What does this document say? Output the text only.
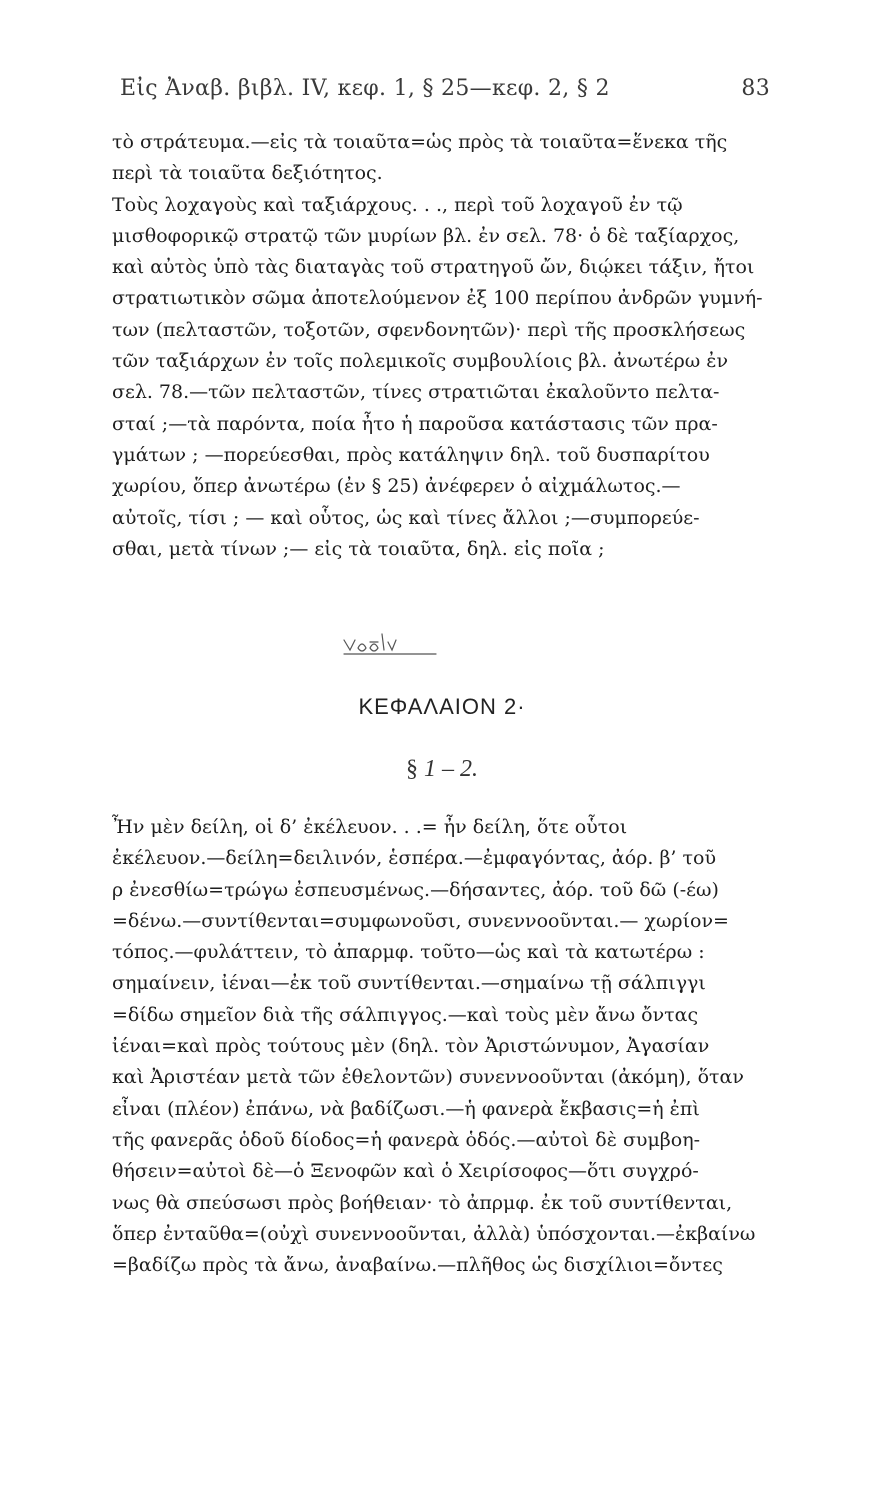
Εἰς Ἀναβ. βιβλ. IV, κεφ. 1, § 25—κεφ. 2, § 2	83
τὸ στράτευμα.—εἰς τὰ τοιαῦτα=ὡς πρὸς τὰ τοιαῦτα=ἕνεκα τῆς
περὶ τὰ τοιαῦτα δεξιότητος.
Τοὺς λοχαγοὺς καὶ ταξιάρχους. . ., περὶ τοῦ λοχαγοῦ ἐν τῷ
μισθοφορικῷ στρατῷ τῶν μυρίων βλ. ἐν σελ. 78· ὁ δὲ ταξίαρχος,
καὶ αὐτὸς ὑπὸ τὰς διαταγὰς τοῦ στρατηγοῦ ὤν, διῴκει τάξιν, ἤτοι
στρατιωτικὸν σῶμα ἀποτελούμενον ἐξ 100 περίπου ἀνδρῶν γυμνή-
των (πελταστῶν, τοξοτῶν, σφενδονητῶν)· περὶ τῆς προσκλήσεως
τῶν ταξιάρχων ἐν τοῖς πολεμικοῖς συμβουλίοις βλ. ἀνωτέρω ἐν
σελ. 78.—τῶν πελταστῶν, τίνες στρατιῶται ἐκαλοῦντο πελτα-
σταί ;—τὰ παρόντα, ποία ἦτο ἡ παροῦσα κατάστασις τῶν πρα-
γμάτων ; —πορεύεσθαι, πρὸς κατάληψιν δηλ. τοῦ δυσπαρίτου
χωρίου, ὅπερ ἀνωτέρω (ἐν § 25) ἀνέφερεν ὁ αἰχμάλωτος.—
αὐτοῖς, τίσι ; — καὶ οὗτος, ὡς καὶ τίνες ἄλλοι ;—συμπορεύε-
σθαι, μετὰ τίνων ;— εἰς τὰ τοιαῦτα, δηλ. εἰς ποῖα ;
ΚΕΦΑΛΑΙΟΝ 2·
§ 1 – 2.
Ἦν μὲν δείλη, οἱ δ’ ἐκέλευον. . .= ἦν δείλη, ὅτε οὗτοι
ἐκέλευον.—δείλη=δειλινόν, ἑσπέρα.—ἐμφαγόντας, ἀόρ. β’ τοῦ
ρ ἐνεσθίω=τρώγω ἐσπευσμένως.—δήσαντες, ἀόρ. τοῦ δῶ (-έω)
=δένω.—συντίθενται=συμφωνοῦσι, συνεννοοῦνται.— χωρίον=
τόπος.—φυλάττειν, τὸ ἀπαρμφ. τοῦτο—ὡς καὶ τὰ κατωτέρω :
σημαίνειν, ἰέναι—ἐκ τοῦ συντίθενται.—σημαίνω τῇ σάλπιγγι
=δίδω σημεῖον διὰ τῆς σάλπιγγος.—καὶ τοὺς μὲν ἄνω ὄντας
ἰέναι=καὶ πρὸς τούτους μὲν (δηλ. τὸν Ἀριστώνυμον, Ἀγασίαν
καὶ Ἀριστέαν μετὰ τῶν ἐθελοντῶν) συνεννοοῦνται (ἀκόμη), ὅταν
εἶναι (πλέον) ἐπάνω, νὰ βαδίζωσι.—ἡ φανερὰ ἔκβασις=ἡ ἐπὶ
τῆς φανερᾶς ὁδοῦ δίοδος=ἡ φανερὰ ὁδός.—αὐτοὶ δὲ συμβοη-
θήσειν=αὐτοὶ δὲ—ὁ Ξενοφῶν καὶ ὁ Χειρίσοφος—ὅτι συγχρό-
νως θὰ σπεύσωσι πρὸς βοήθειαν· τὸ ἀπρμφ. ἐκ τοῦ συντίθενται,
ὅπερ ἐνταῦθα=(οὐχὶ συνεννοοῦνται, ἀλλὰ) ὑπόσχονται.—ἐκβαίνω
=βαδίζω πρὸς τὰ ἄνω, ἀναβαίνω.—πλῆθος ὡς δισχίλιοι=ὄντες
